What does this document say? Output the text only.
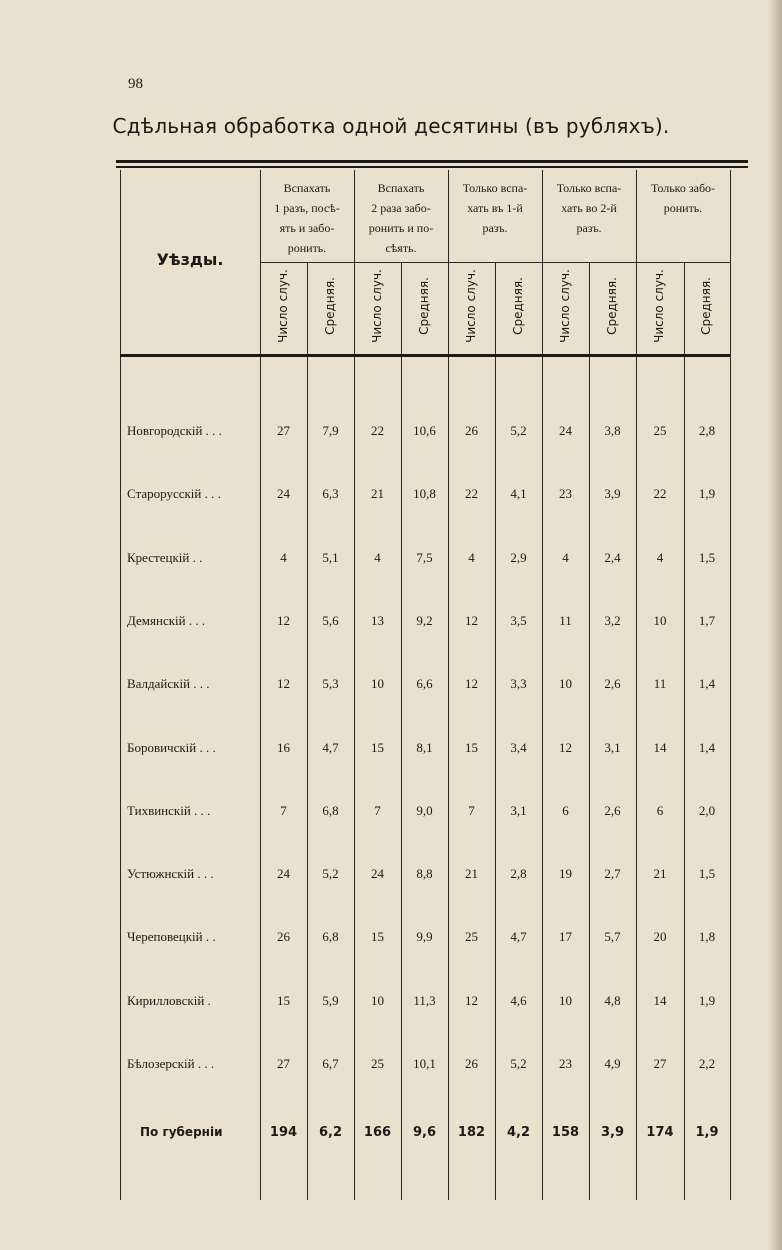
98
Сдѣльная обработка одной десятины (въ рубляхъ).
Вспахать
1 разъ, посѣ-
ять и забо-
ронить.
Вспахать
2 раза забо-
ронить и по-
сѣять.
Только вспа-
хать въ 1-й
разъ.
Только вспа-
хать во 2-й
разъ.
Только забо-
ронить.
Число случ.	Средняя.	Число случ.	Средняя.	Число случ.	Средняя.	Число случ.	Средняя.	Число случ.	Средняя.
Новгородскій . . .	27	7,9	22	10,6	26	5,2	24	3,8	25	2,8
Старорусскій . . .	24	6,3	21	10,8	22	4,1	23	3,9	22	1,9
Крестецкій . .	4	5,1	4	7,5	4	2,9	4	2,4	4	1,5
Демянскій . . .	12	5,6	13	9,2	12	3,5	11	3,2	10	1,7
Валдайскій . . .	12	5,3	10	6,6	12	3,3	10	2,6	11	1,4
Боровичскій . . .	16	4,7	15	8,1	15	3,4	12	3,1	14	1,4
Тихвинскій . . .	7	6,8	7	9,0	7	3,1	6	2,6	6	2,0
Устюжнскій . . .	24	5,2	24	8,8	21	2,8	19	2,7	21	1,5
Череповецкій . .	26	6,8	15	9,9	25	4,7	17	5,7	20	1,8
Кирилловскій .	15	5,9	10	11,3	12	4,6	10	4,8	14	1,9
Бѣлозерскій . . .	27	6,7	25	10,1	26	5,2	23	4,9	27	2,2
По губерніи	194	6,2	166	9,6	182	4,2	158	3,9	174	1,9
Уѣзды.
